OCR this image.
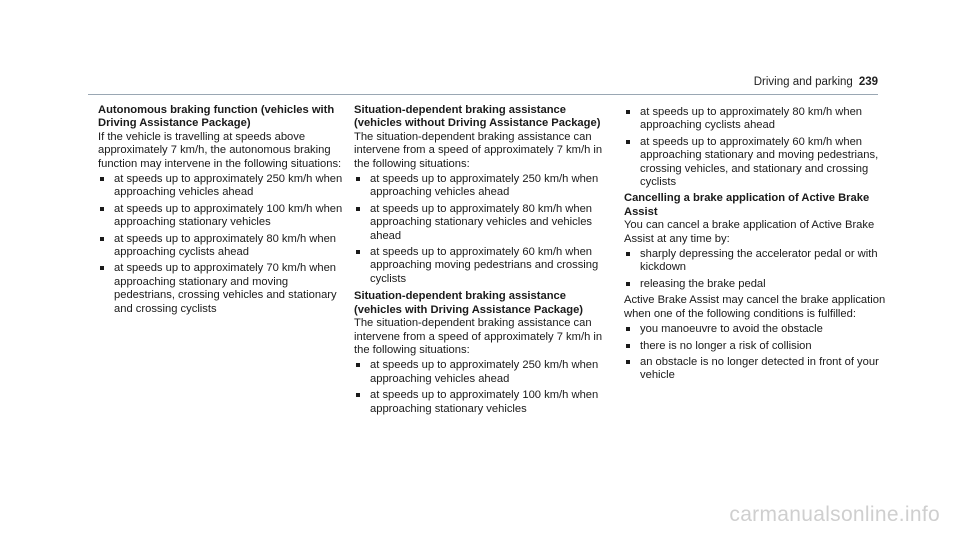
Driving and parking 239

Autonomous braking function (vehicles with Driving Assistance Package)

If the vehicle is travelling at speeds above approximately 7 km/h, the autonomous braking function may intervene in the following situations:

at speeds up to approximately 250 km/h when approaching vehicles ahead
at speeds up to approximately 100 km/h when approaching stationary vehicles
at speeds up to approximately 80 km/h when approaching cyclists ahead
at speeds up to approximately 70 km/h when approaching stationary and moving pedestrians, crossing vehicles and stationary and crossing cyclists

Situation-dependent braking assistance (vehicles without Driving Assistance Package)

The situation-dependent braking assistance can intervene from a speed of approximately 7 km/h in the following situations:

at speeds up to approximately 250 km/h when approaching vehicles ahead
at speeds up to approximately 80 km/h when approaching stationary vehicles and vehicles ahead
at speeds up to approximately 60 km/h when approaching moving pedestrians and crossing cyclists

Situation-dependent braking assistance (vehicles with Driving Assistance Package)

The situation-dependent braking assistance can intervene from a speed of approximately 7 km/h in the following situations:

at speeds up to approximately 250 km/h when approaching vehicles ahead
at speeds up to approximately 100 km/h when approaching stationary vehicles
at speeds up to approximately 80 km/h when approaching cyclists ahead
at speeds up to approximately 60 km/h when approaching stationary and moving pedestrians, crossing vehicles, and stationary and crossing cyclists

Cancelling a brake application of Active Brake Assist

You can cancel a brake application of Active Brake Assist at any time by:

sharply depressing the accelerator pedal or with kickdown
releasing the brake pedal

Active Brake Assist may cancel the brake application when one of the following conditions is fulfilled:

you manoeuvre to avoid the obstacle
there is no longer a risk of collision
an obstacle is no longer detected in front of your vehicle
carmanualsonline.info
